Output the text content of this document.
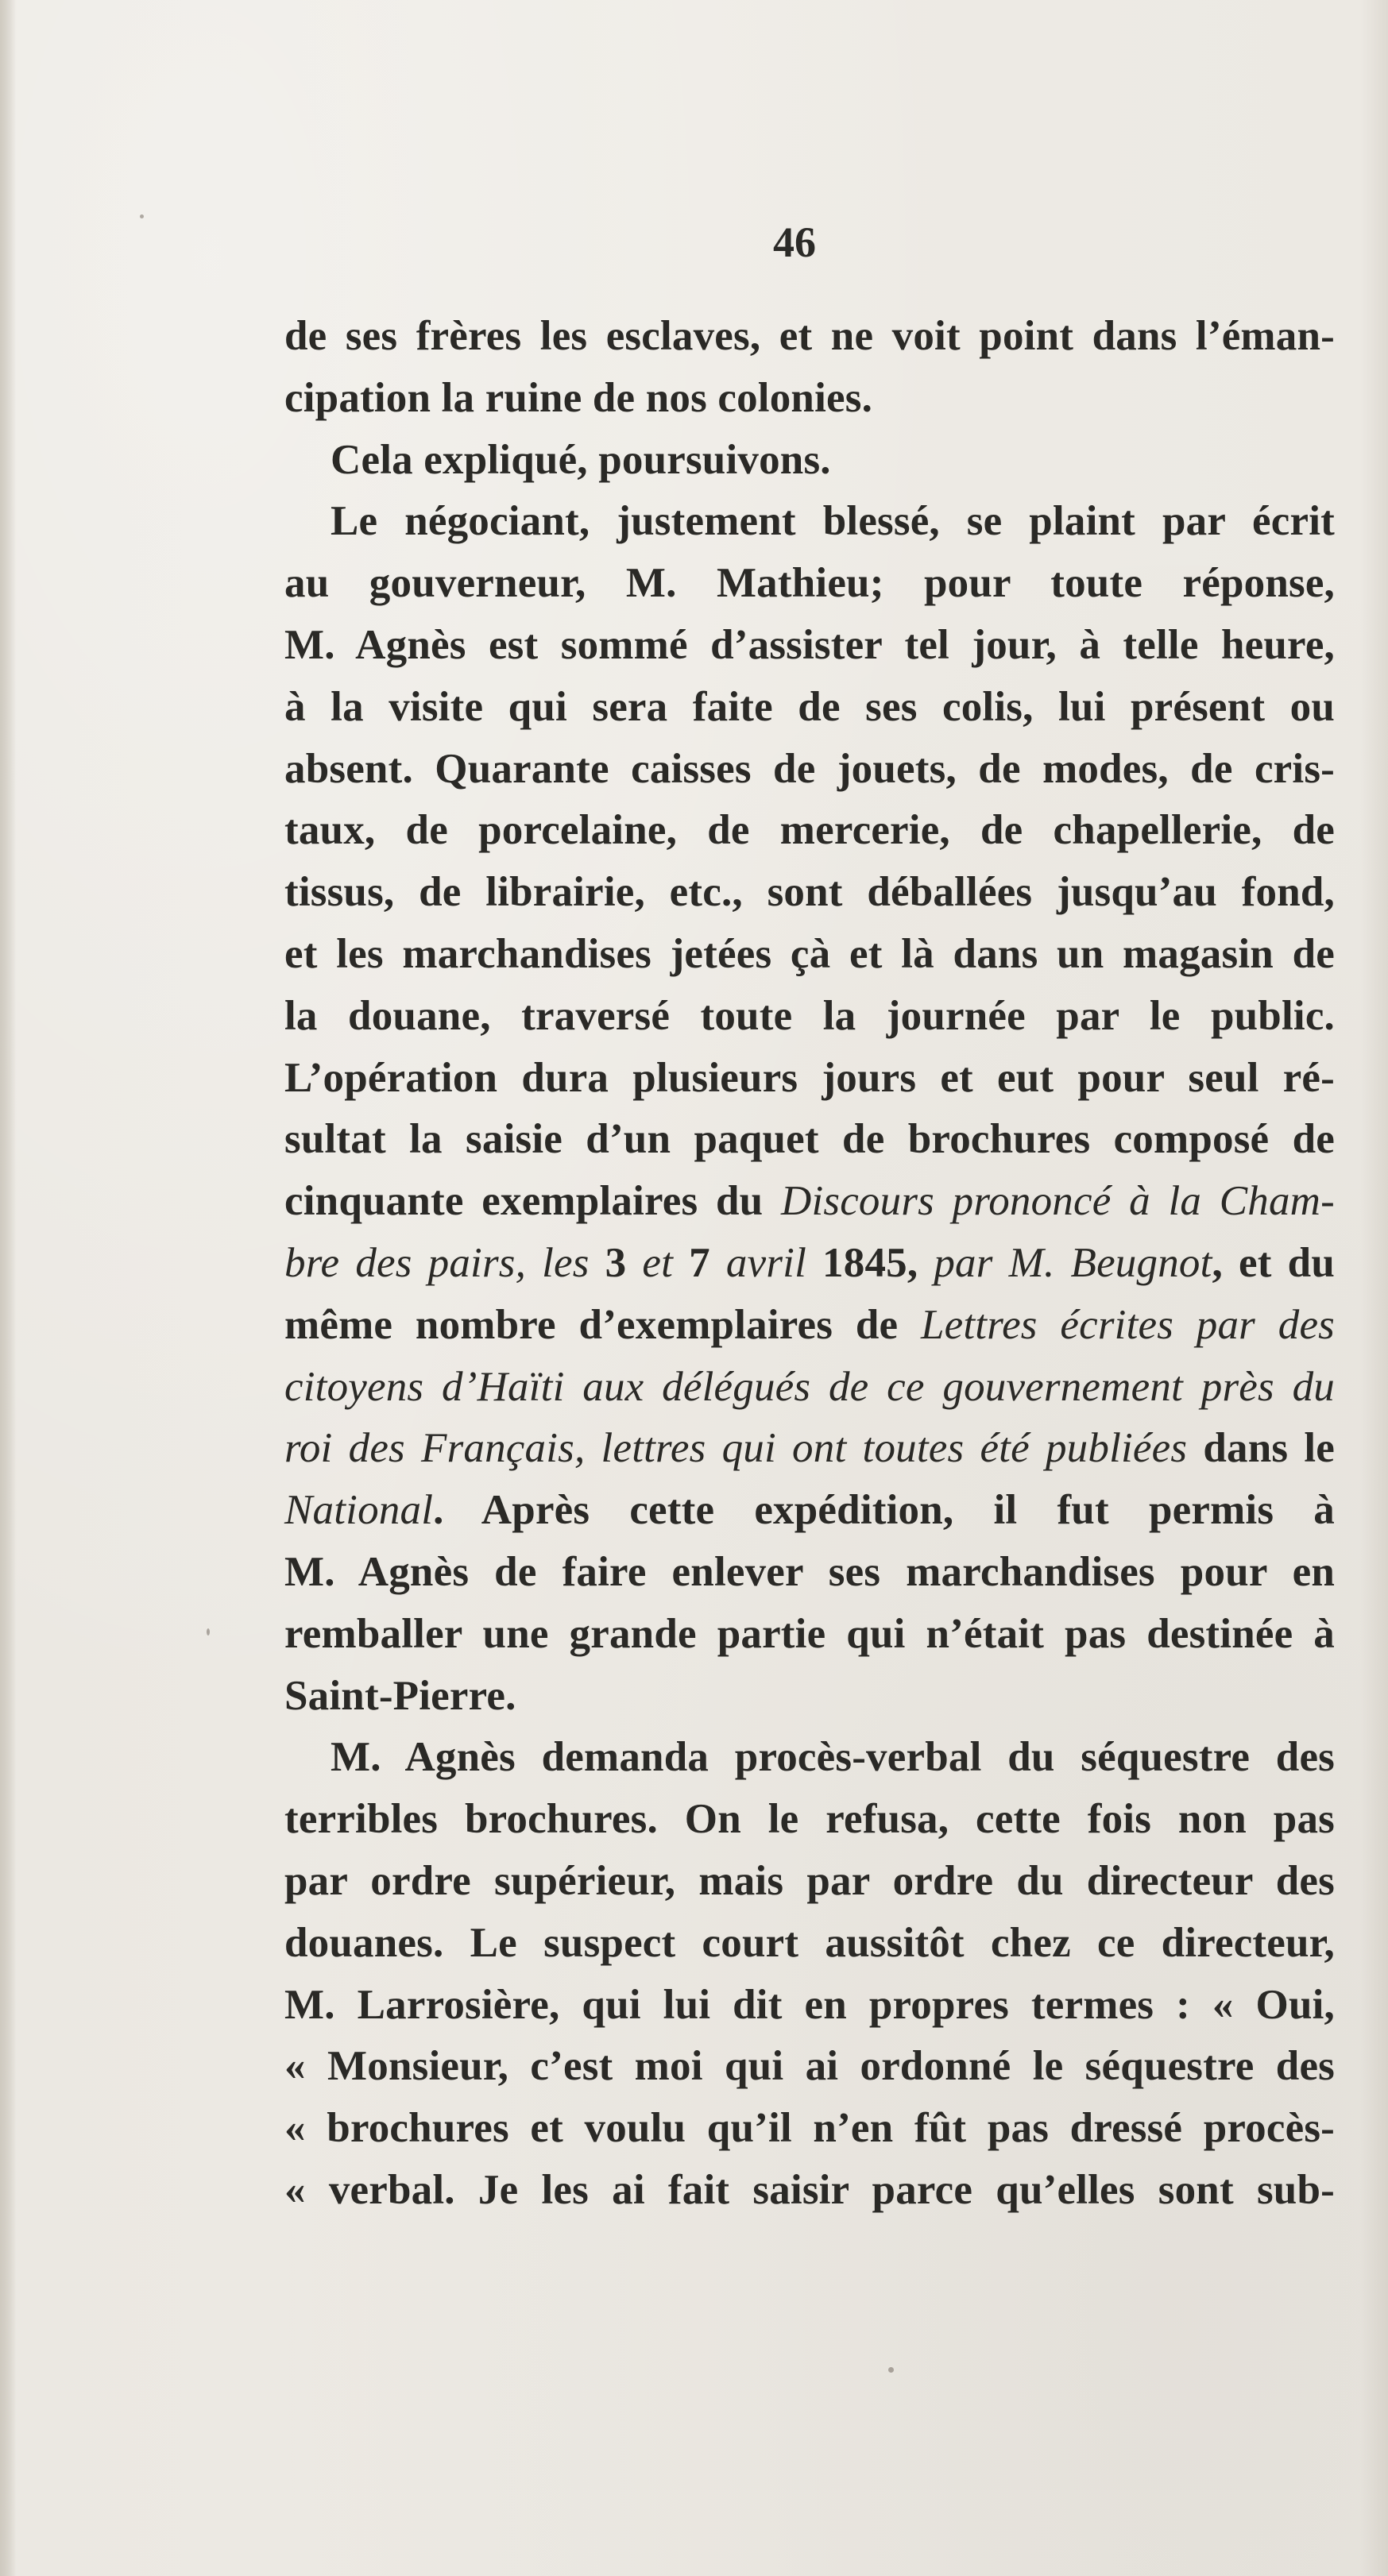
46
de ses frères les esclaves, et ne voit point dans l’éman-
cipation la ruine de nos colonies.
Cela expliqué, poursuivons.
Le négociant, justement blessé, se plaint par écrit
au gouverneur, M. Mathieu; pour toute réponse,
M. Agnès est sommé d’assister tel jour, à telle heure,
à la visite qui sera faite de ses colis, lui présent ou
absent. Quarante caisses de jouets, de modes, de cris-
taux, de porcelaine, de mercerie, de chapellerie, de
tissus, de librairie, etc., sont déballées jusqu’au fond,
et les marchandises jetées çà et là dans un magasin de
la douane, traversé toute la journée par le public.
L’opération dura plusieurs jours et eut pour seul ré-
sultat la saisie d’un paquet de brochures composé de
cinquante exemplaires du Discours prononcé à la Cham-
bre des pairs, les 3 et 7 avril 1845, par M. Beugnot, et du
même nombre d’exemplaires de Lettres écrites par des
citoyens d’Haïti aux délégués de ce gouvernement près du
roi des Français, lettres qui ont toutes été publiées dans le
National. Après cette expédition, il fut permis à
M. Agnès de faire enlever ses marchandises pour en
remballer une grande partie qui n’était pas destinée à
Saint-Pierre.
M. Agnès demanda procès-verbal du séquestre des
terribles brochures. On le refusa, cette fois non pas
par ordre supérieur, mais par ordre du directeur des
douanes. Le suspect court aussitôt chez ce directeur,
M. Larrosière, qui lui dit en propres termes : « Oui,
« Monsieur, c’est moi qui ai ordonné le séquestre des
« brochures et voulu qu’il n’en fût pas dressé procès-
« verbal. Je les ai fait saisir parce qu’elles sont sub-
